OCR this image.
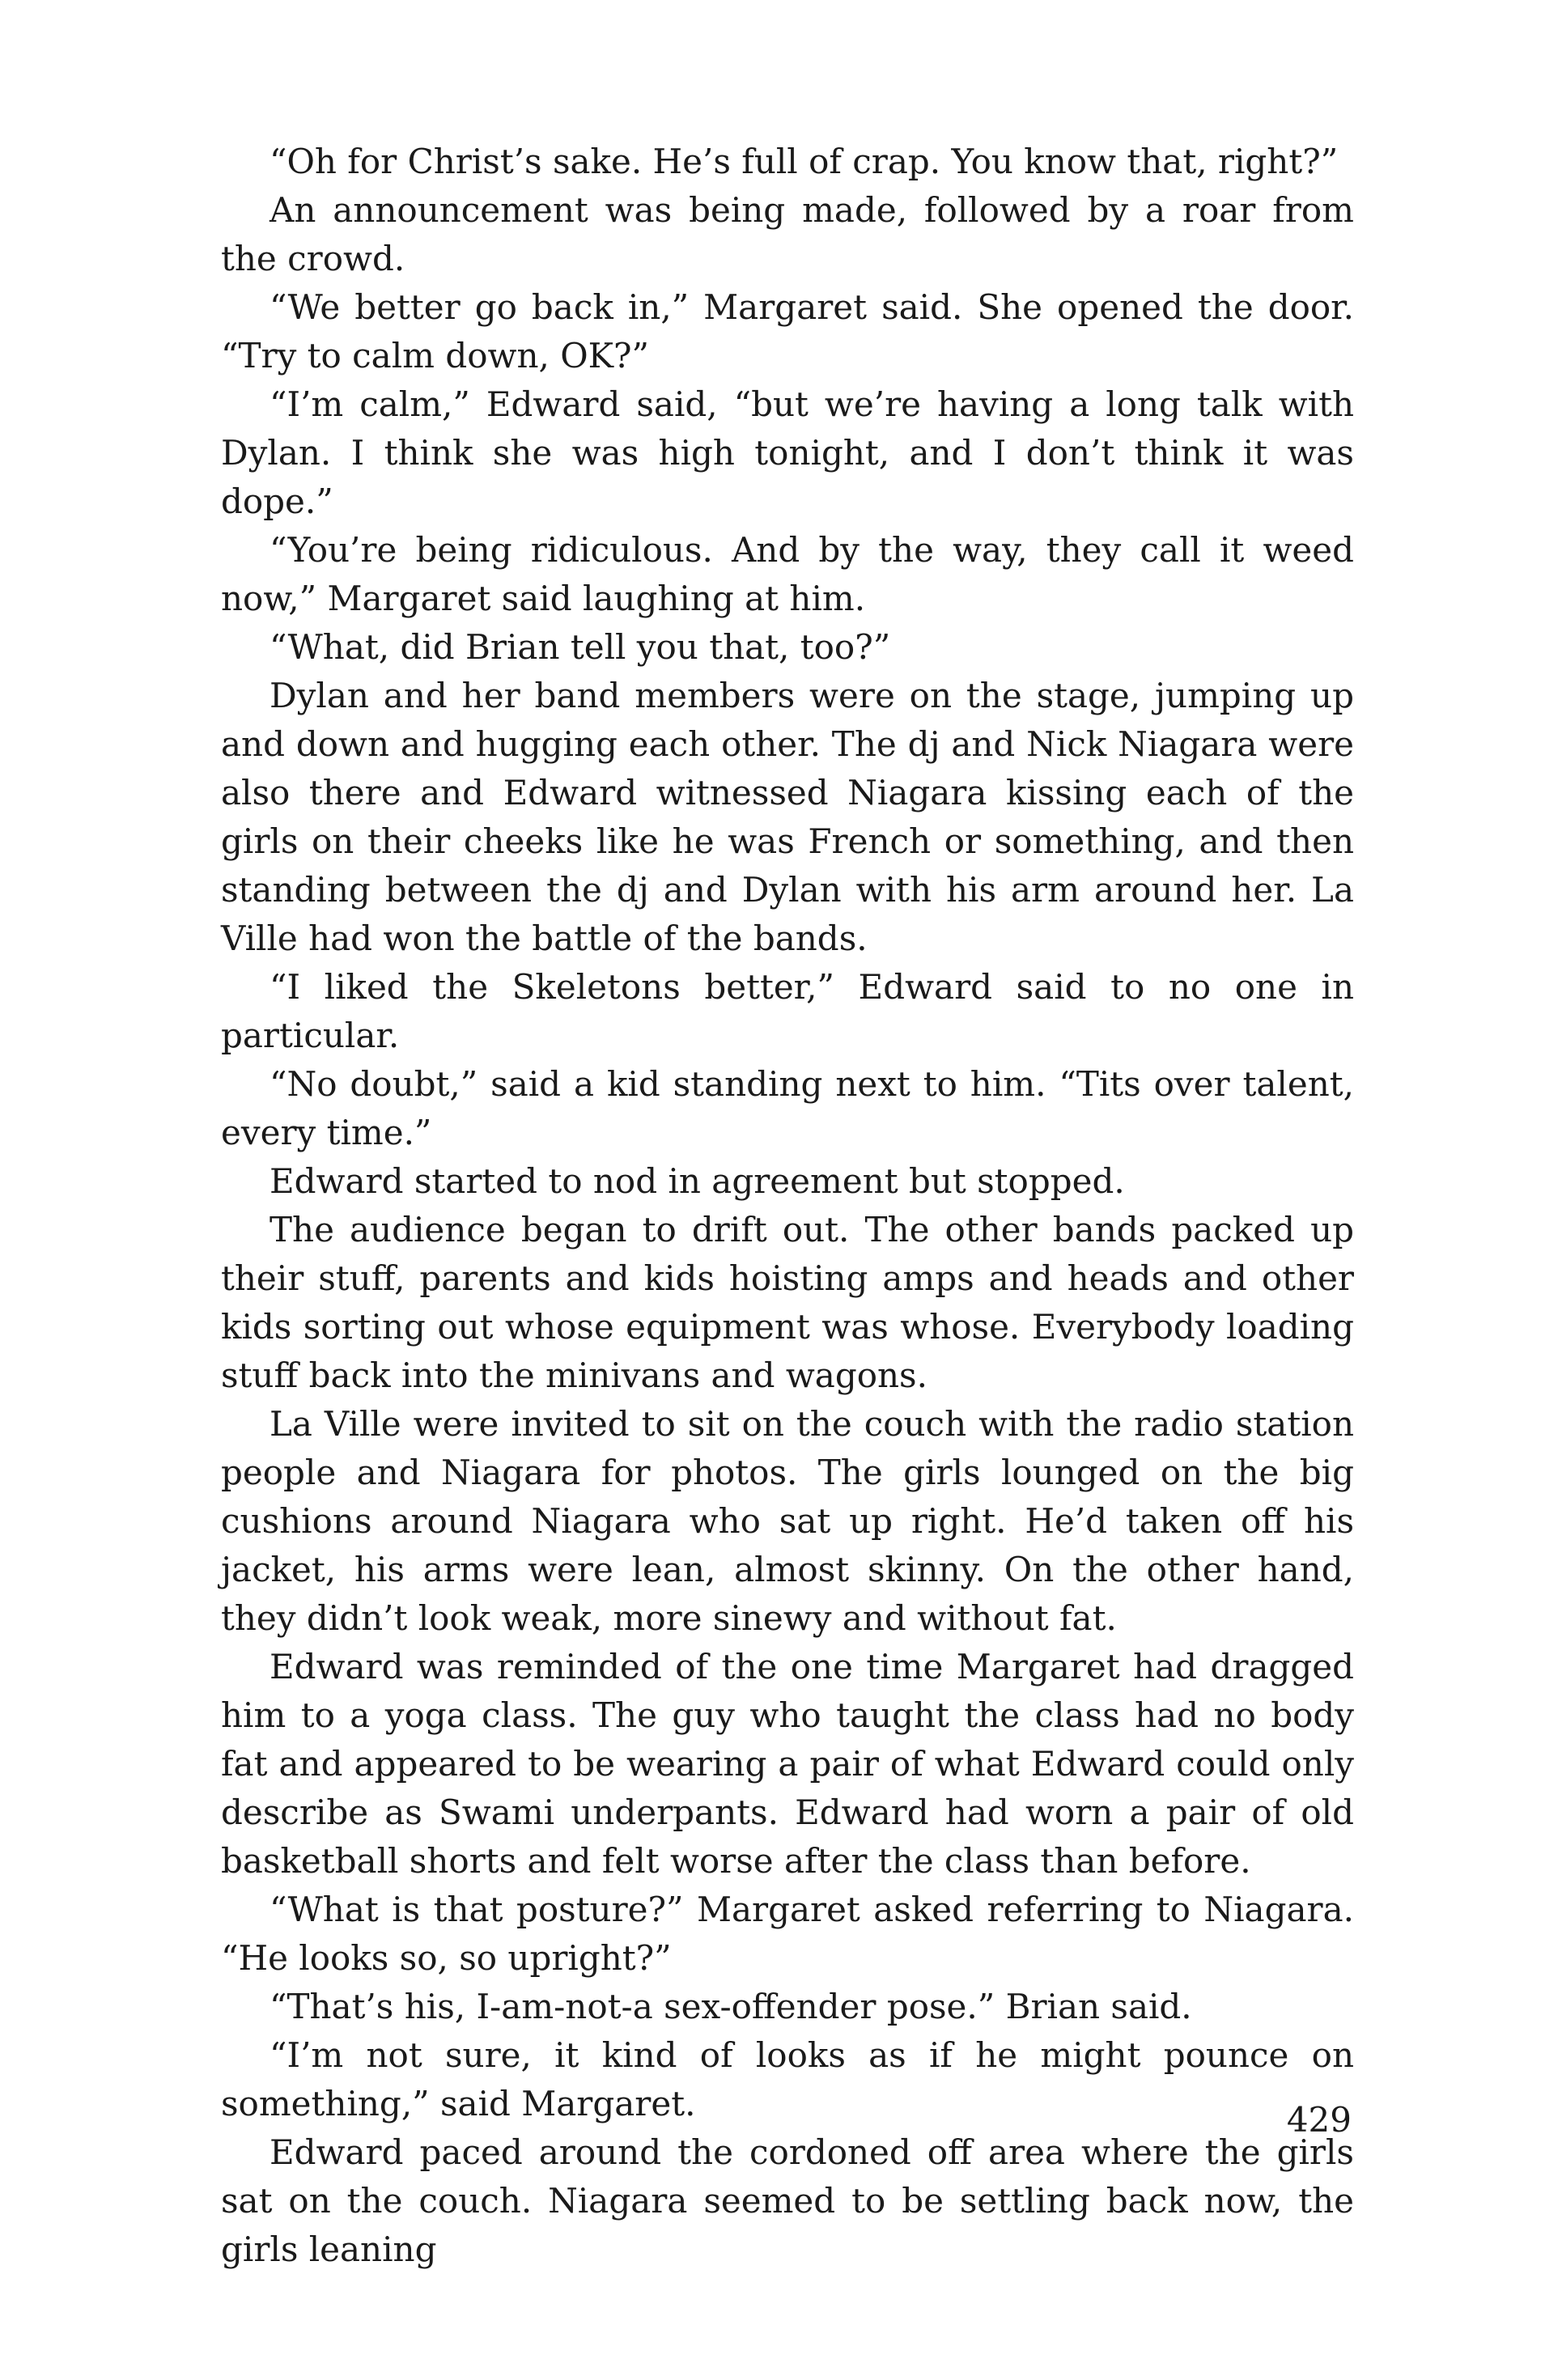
“Oh for Christ’s sake. He’s full of crap. You know that, right?”

An announcement was being made, followed by a roar from the crowd.

“We better go back in,” Margaret said. She opened the door. “Try to calm down, OK?”

“I’m calm,” Edward said, “but we’re having a long talk with Dylan. I think she was high tonight, and I don’t think it was dope.”

“You’re being ridiculous. And by the way, they call it weed now,” Margaret said laughing at him.

“What, did Brian tell you that, too?”

Dylan and her band members were on the stage, jumping up and down and hugging each other. The dj and Nick Niagara were also there and Edward witnessed Niagara kissing each of the girls on their cheeks like he was French or something, and then standing between the dj and Dylan with his arm around her. La Ville had won the battle of the bands.

“I liked the Skeletons better,” Edward said to no one in particular.

“No doubt,” said a kid standing next to him. “Tits over talent, every time.”

Edward started to nod in agreement but stopped.

The audience began to drift out. The other bands packed up their stuff, parents and kids hoisting amps and heads and other kids sorting out whose equipment was whose. Everybody loading stuff back into the minivans and wagons.

La Ville were invited to sit on the couch with the radio station people and Niagara for photos. The girls lounged on the big cushions around Niagara who sat up right. He’d taken off his jacket, his arms were lean, almost skinny. On the other hand, they didn’t look weak, more sinewy and without fat.

Edward was reminded of the one time Margaret had dragged him to a yoga class. The guy who taught the class had no body fat and appeared to be wearing a pair of what Edward could only describe as Swami underpants. Edward had worn a pair of old basketball shorts and felt worse after the class than before.

“What is that posture?” Margaret asked referring to Niagara. “He looks so, so upright?”

“That’s his, I-am-not-a sex-offender pose.” Brian said.

“I’m not sure, it kind of looks as if he might pounce on something,” said Margaret.

Edward paced around the cordoned off area where the girls sat on the couch. Niagara seemed to be settling back now, the girls leaning

429
